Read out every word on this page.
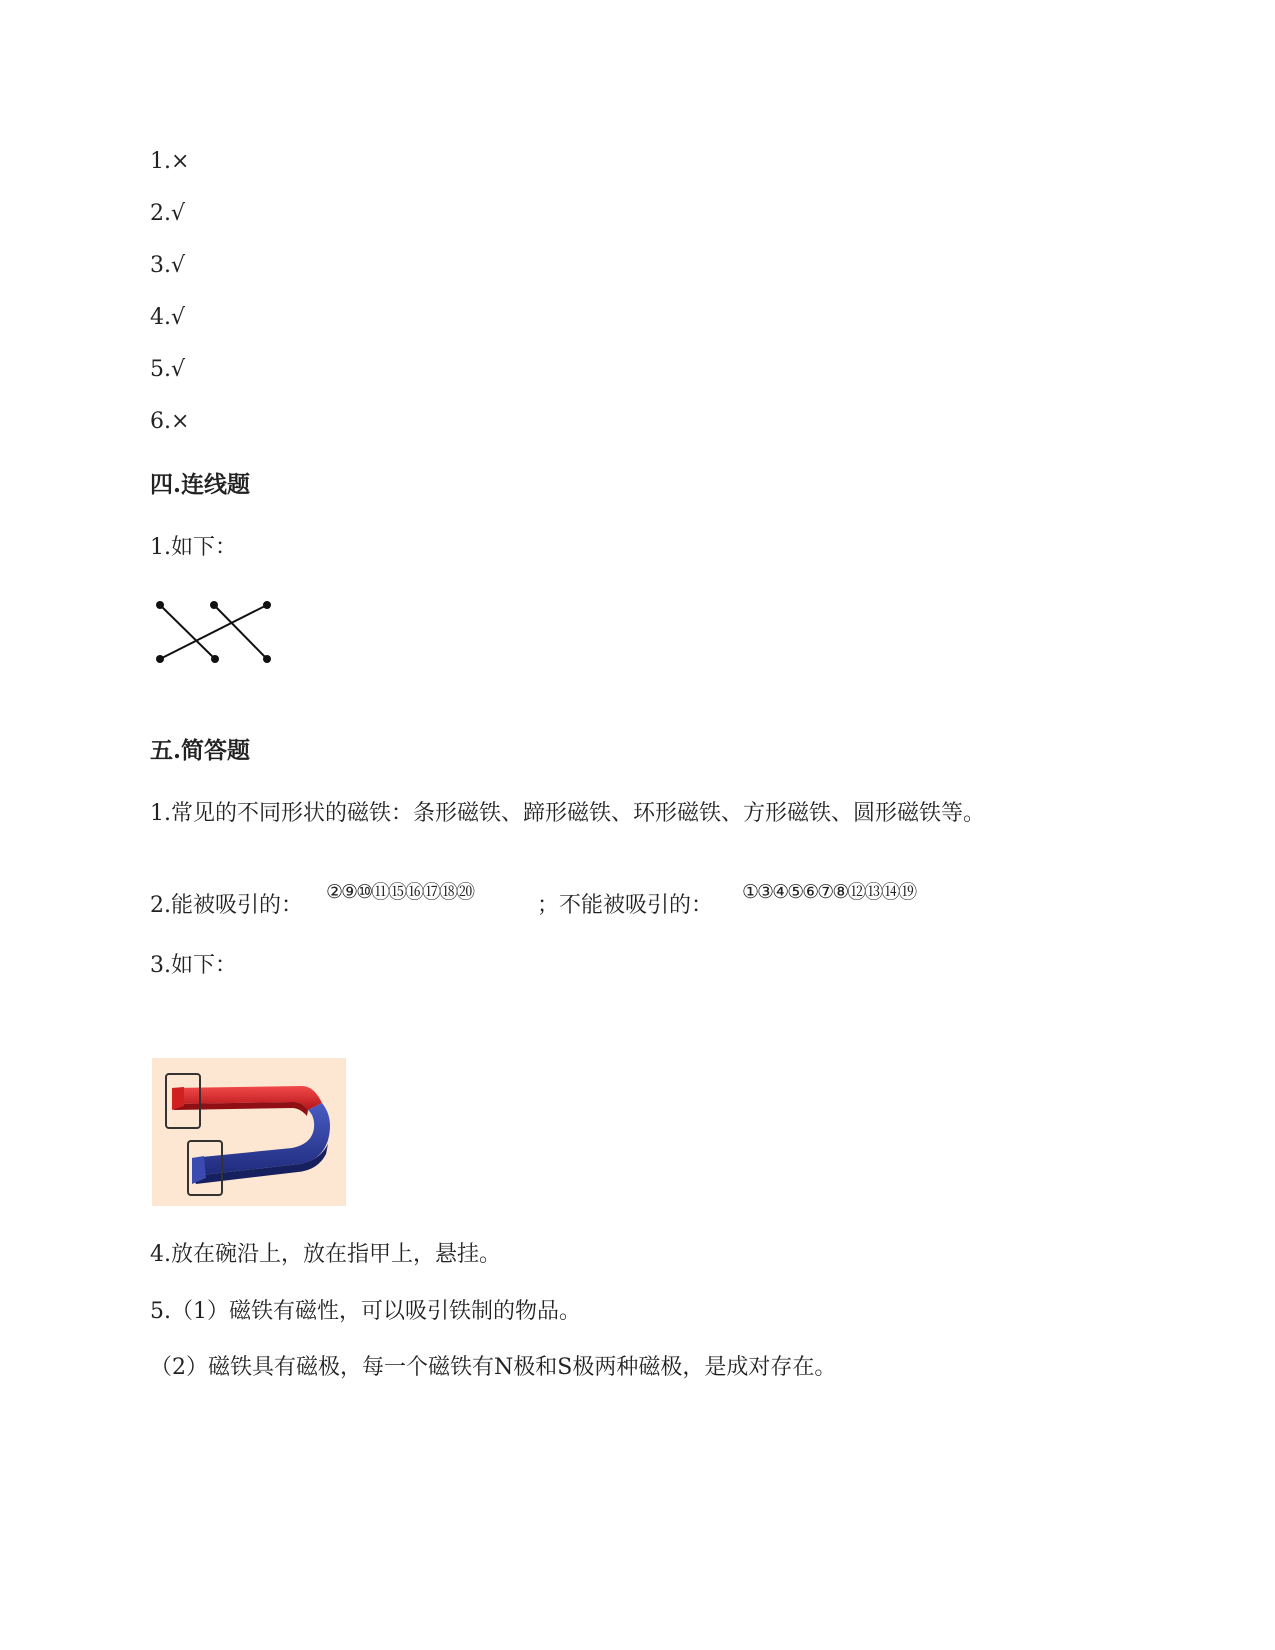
1.×
2.√
3.√
4.√
5.√
6.×
四.连线题
1.如下：
五.简答题
1.常见的不同形状的磁铁：条形磁铁、蹄形磁铁、环形磁铁、方形磁铁、圆形磁铁等。
2.能被吸引的：
②⑨⑩⑪⑮⑯⑰⑱⑳
；不能被吸引的：
①③④⑤⑥⑦⑧⑫⑬⑭⑲
3.如下：
4.放在碗沿上，放在指甲上，悬挂。
5.（1）磁铁有磁性，可以吸引铁制的物品。
（2）磁铁具有磁极，每一个磁铁有N极和S极两种磁极，是成对存在。
